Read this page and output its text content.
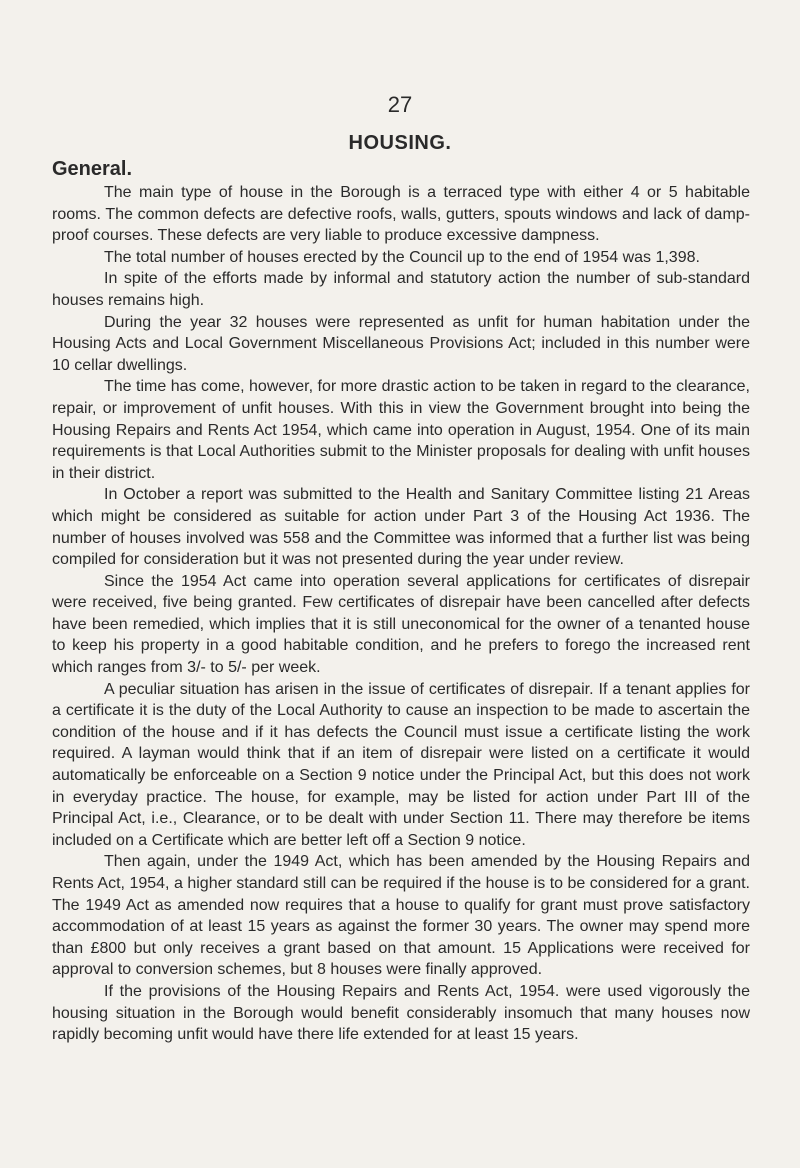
27
HOUSING.
General.

The main type of house in the Borough is a terraced type with either 4 or 5 habitable rooms. The common defects are defective roofs, walls, gutters, spouts windows and lack of damp-proof courses. These defects are very liable to produce excessive dampness.

The total number of houses erected by the Council up to the end of 1954 was 1,398.

In spite of the efforts made by informal and statutory action the number of sub-standard houses remains high.

During the year 32 houses were represented as unfit for human habitation under the Housing Acts and Local Government Miscellaneous Provisions Act; included in this number were 10 cellar dwellings.

The time has come, however, for more drastic action to be taken in regard to the clearance, repair, or improvement of unfit houses. With this in view the Government brought into being the Housing Repairs and Rents Act 1954, which came into operation in August, 1954. One of its main requirements is that Local Authorities submit to the Minister proposals for dealing with unfit houses in their district.

In October a report was submitted to the Health and Sanitary Committee listing 21 Areas which might be considered as suitable for action under Part 3 of the Housing Act 1936. The number of houses involved was 558 and the Committee was informed that a further list was being compiled for consideration but it was not presented during the year under review.

Since the 1954 Act came into operation several applications for certificates of disrepair were received, five being granted. Few certificates of disrepair have been cancelled after defects have been remedied, which implies that it is still uneconomical for the owner of a tenanted house to keep his property in a good habitable condition, and he prefers to forego the increased rent which ranges from 3/- to 5/- per week.

A peculiar situation has arisen in the issue of certificates of disrepair. If a tenant applies for a certificate it is the duty of the Local Authority to cause an inspection to be made to ascertain the condition of the house and if it has defects the Council must issue a certificate listing the work required. A layman would think that if an item of disrepair were listed on a certificate it would automatically be enforceable on a Section 9 notice under the Principal Act, but this does not work in everyday practice. The house, for example, may be listed for action under Part III of the Principal Act, i.e., Clearance, or to be dealt with under Section 11. There may therefore be items included on a Certificate which are better left off a Section 9 notice.

Then again, under the 1949 Act, which has been amended by the Housing Repairs and Rents Act, 1954, a higher standard still can be required if the house is to be considered for a grant. The 1949 Act as amended now requires that a house to qualify for grant must prove satisfactory accommodation of at least 15 years as against the former 30 years. The owner may spend more than £800 but only receives a grant based on that amount. 15 Applications were received for approval to conversion schemes, but 8 houses were finally approved.

If the provisions of the Housing Repairs and Rents Act, 1954. were used vigorously the housing situation in the Borough would benefit considerably insomuch that many houses now rapidly becoming unfit would have there life extended for at least 15 years.
